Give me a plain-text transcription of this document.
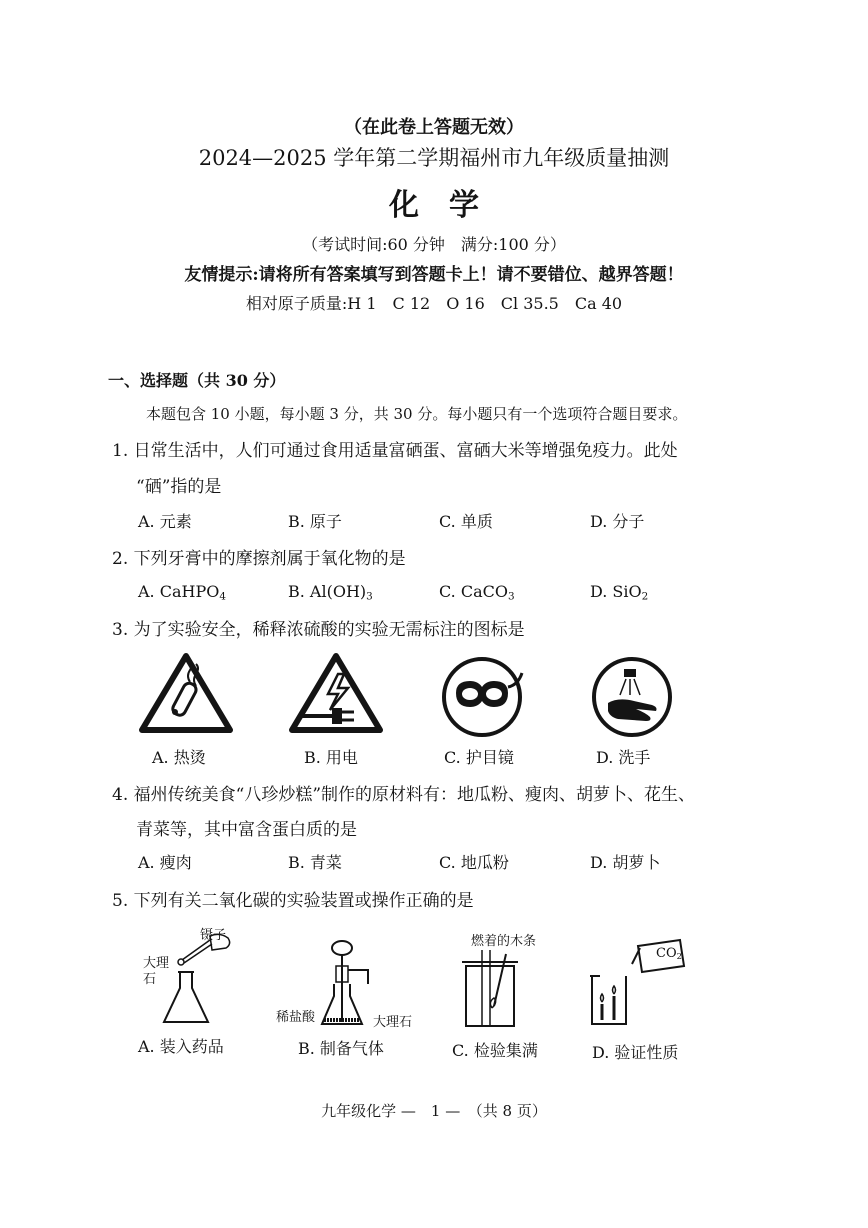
（在此卷上答题无效）
2024—2025 学年第二学期福州市九年级质量抽测
化　学
（考试时间:60 分钟　满分:100 分）
友情提示:请将所有答案填写到答题卡上！请不要错位、越界答题！
相对原子质量:H 1　C 12　O 16　Cl 35.5　Ca 40
一、选择题（共 30 分）
本题包含 10 小题，每小题 3 分，共 30 分。每小题只有一个选项符合题目要求。
1. 日常生活中，人们可通过食用适量富硒蛋、富硒大米等增强免疫力。此处
“硒”指的是
A. 元素	B. 原子	C. 单质	D. 分子
2. 下列牙膏中的摩擦剂属于氧化物的是
A. CaHPO$_4$	B. $Al(OH)_3$	C. CaCO$_3$	D. SiO$_2$
3. 为了实验安全，稀释浓硫酸的实验无需标注的图标是
A. 热烫	B. 用电	C. 护目镜	D. 洗手
4. 福州传统美食“八珍炒糕”制作的原材料有：地瓜粉、瘦肉、胡萝卜、花生、
青菜等，其中富含蛋白质的是
A. 瘦肉	B. 青菜	C. 地瓜粉	D. 胡萝卜
5. 下列有关二氧化碳的实验装置或操作正确的是
镊子
大理
石
稀盐酸	大理石
燃着的木条
$CO_2$
A. 装入药品	B. 制备气体	C. 检验集满	D. 验证性质
九年级化学 —　1 —　（共 8 页）
